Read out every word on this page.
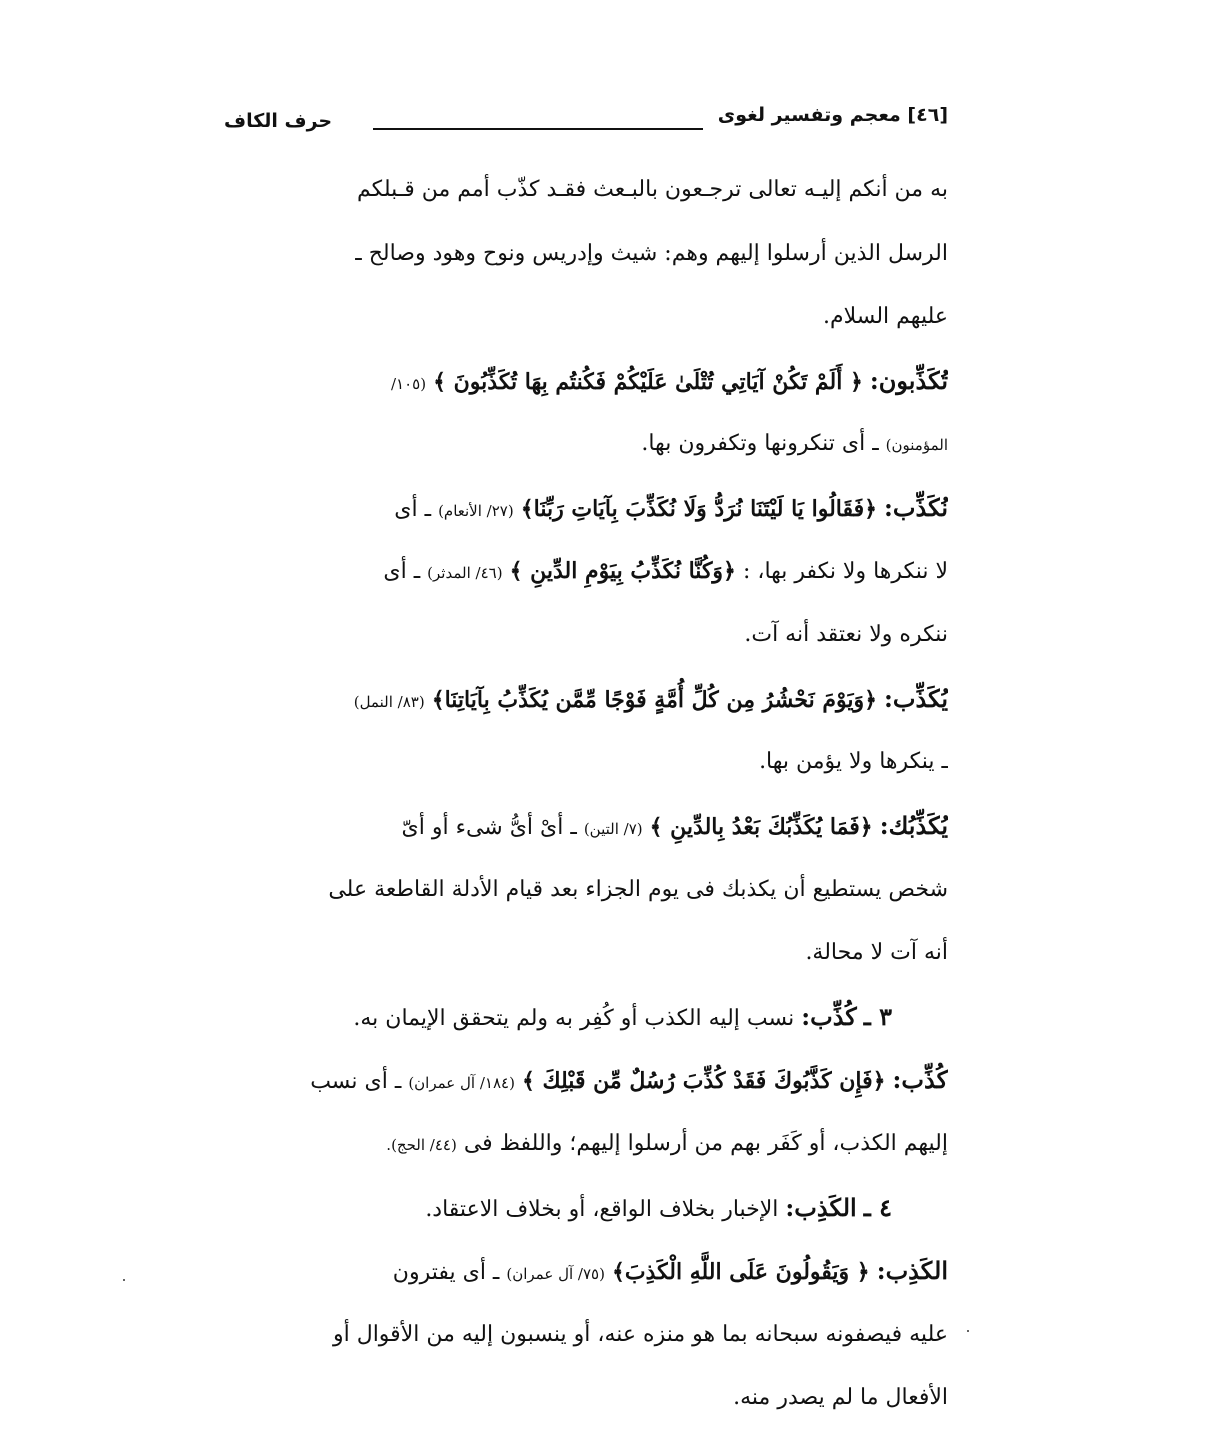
[٤٦] معجم وتفسير لغوى
حرف الكاف
به من أنكم إليـه تعالى ترجـعون بالبـعث فقـد كذّب أمم من قـبلكم
الرسل الذين أرسلوا إليهم وهم: شيث وإدريس ونوح وهود وصالح ـ
عليهم السلام.
تُكَذِّبون: ﴿ أَلَمْ تَكُنْ آيَاتِي تُتْلَىٰ عَلَيْكُمْ فَكُنتُم بِهَا تُكَذِّبُونَ ﴾ (١٠٥/
المؤمنون) ـ أى تنكرونها وتكفرون بها.
نُكَذِّب: ﴿فَقَالُوا يَا لَيْتَنَا نُرَدُّ وَلَا نُكَذِّبَ بِآيَاتِ رَبِّنَا﴾ (٢٧/ الأنعام) ـ أى
لا ننكرها ولا نكفر بها، : ﴿وَكُنَّا نُكَذِّبُ بِيَوْمِ الدِّينِ ﴾ (٤٦/ المدثر) ـ أى
ننكره ولا نعتقد أنه آت.
يُكَذِّب: ﴿وَيَوْمَ نَحْشُرُ مِن كُلِّ أُمَّةٍ فَوْجًا مِّمَّن يُكَذِّبُ بِآيَاتِنَا﴾ (٨٣/ النمل)
ـ ينكرها ولا يؤمن بها.
يُكَذِّبُك: ﴿فَمَا يُكَذِّبُكَ بَعْدُ بِالدِّينِ ﴾ (٧/ التين) ـ أىْ أىُّ شىء أو أىّ
شخص يستطيع أن يكذبك فى يوم الجزاء بعد قيام الأدلة القاطعة على
أنه آت لا محالة.
٣ ـ كُذِّب: نسب إليه الكذب أو كُفِر به ولم يتحقق الإيمان به.
كُذِّب: ﴿فَإِن كَذَّبُوكَ فَقَدْ كُذِّبَ رُسُلٌ مِّن قَبْلِكَ ﴾ (١٨٤/ آل عمران) ـ أى نسب
إليهم الكذب، أو كَفَر بهم من أرسلوا إليهم؛ واللفظ فى (٤٤/ الحج).
٤ ـ الكَذِب: الإخبار بخلاف الواقع، أو بخلاف الاعتقاد.
الكَذِب: ﴿ وَيَقُولُونَ عَلَى اللَّهِ الْكَذِبَ﴾ (٧٥/ آل عمران) ـ أى يفترون
عليه فيصفونه سبحانه بما هو منزه عنه، أو ينسبون إليه من الأقوال أو
الأفعال ما لم يصدر منه.
